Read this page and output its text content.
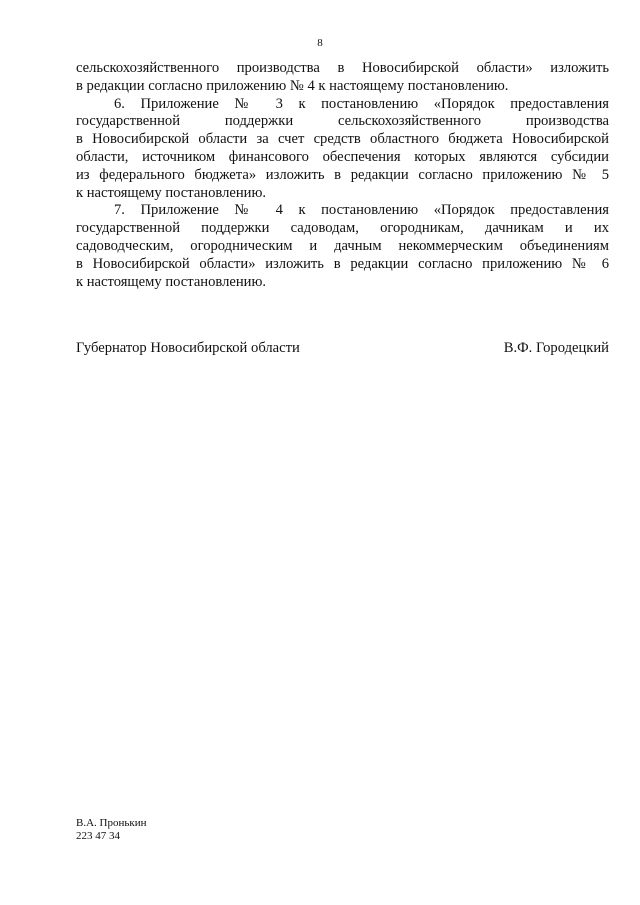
8
сельскохозяйственного производства в Новосибирской области» изложить
в редакции согласно приложению № 4 к настоящему постановлению.
6. Приложение № 3 к постановлению «Порядок предоставления
государственной поддержки сельскохозяйственного производства
в Новосибирской области за счет средств областного бюджета Новосибирской
области, источником финансового обеспечения которых являются субсидии
из федерального бюджета» изложить в редакции согласно приложению № 5
к настоящему постановлению.
7. Приложение № 4 к постановлению «Порядок предоставления
государственной поддержки садоводам, огородникам, дачникам и их
садоводческим, огородническим и дачным некоммерческим объединениям
в Новосибирской области» изложить в редакции согласно приложению № 6
к настоящему постановлению.
Губернатор Новосибирской области	В.Ф. Городецкий
В.А. Пронькин
223 47 34
